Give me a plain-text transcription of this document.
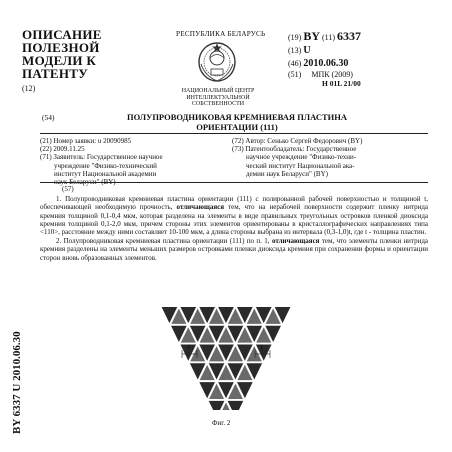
ОПИСАНИЕ
ПОЛЕЗНОЙ
МОДЕЛИ К
ПАТЕНТУ
(12)
РЕСПУБЛИКА БЕЛАРУСЬ
НАЦИОНАЛЬНЫЙ ЦЕНТР
ИНТЕЛЛЕКТУАЛЬНОЙ
СОБСТВЕННОСТИ
(19) BY (11) 6337
(13) U
(46) 2010.06.30
(51) МПК (2009)
H 01L 21/00
(54)	ПОЛУПРОВОДНИКОВАЯ КРЕМНИЕВАЯ ПЛАСТИНА
ОРИЕНТАЦИИ (111)
(21) Номер заявки: u 20090985
(22) 2009.11.25
(71) Заявитель: Государственное научное
учреждение "Физико-технический
институт Национальной академии
(72) Автор: Сенько Сергей Федорович (BY)
(73) Патентообладатель: Государственное
научное учреждение "Физико-техни-
ческий институт Национальной ака-
демии наук Беларуси" (BY)
(57)

1. Полупроводниковая кремниевая пластина ориентации (111) с полированной рабочей поверхностью и толщиной t, обеспечивающей необходимую прочность, отличающаяся тем, что на нерабочей поверхности содержит пленку нитрида кремния толщиной 0,1-0,4 мкм, которая разделена на элементы в виде правильных треугольных островков пленкой диоксида кремния толщиной 0,1-2,0 мкм, причем стороны этих элементов ориентированы в кристаллографических направлениях типа <110>, расстояние между ними составляет 10-100 мкм, а длина стороны выбрана из интервала (0,3-1,0)t, где t - толщина пластин.

2. Полупроводниковая кремниевая пластина ориентации (111) по п. 1, отличающаяся тем, что элементы пленки нитрида кремния разделены на элементы меньших размеров островками пленки диоксида кремния при сохранении формы и ориентации сторон вновь образованных элементов.

BY 6337 U 2010.06.30	l	l
Фиг. 2
